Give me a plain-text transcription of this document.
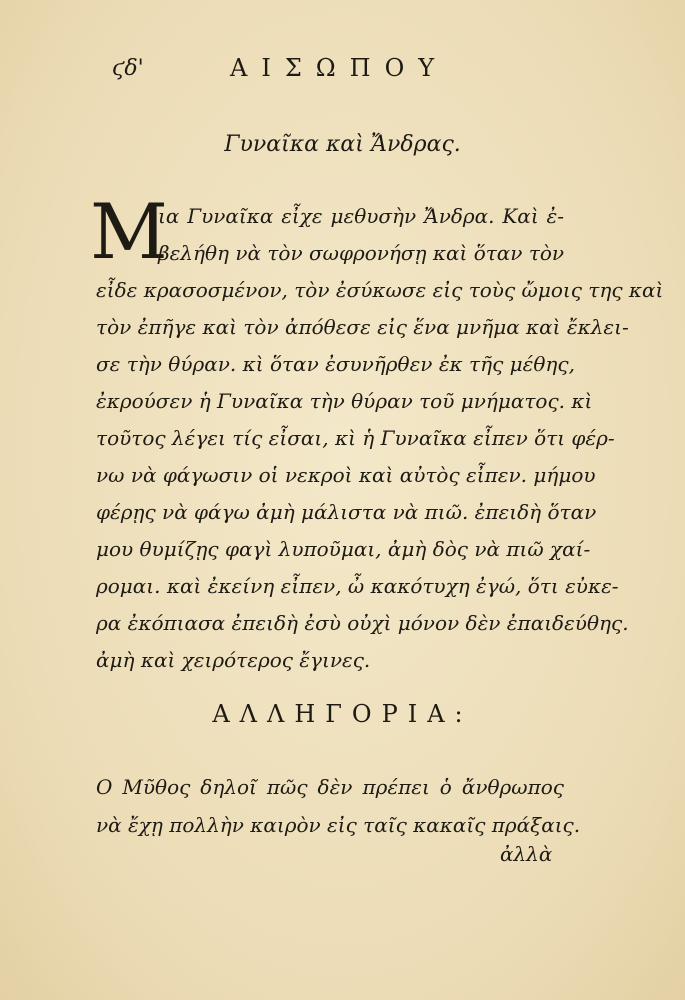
ϛδ'	ΑΙΣΩΠΟΥ
Γυναῖκα καὶ Ἄνδρας.
Μ
ια Γυναῖκα εἶχε μεθυσὴν Ἄνδρα. Καὶ ἐ-
βελήθη νὰ τὸν σωφρονήσῃ καὶ ὅταν τὸν
εἶδε κρασοσμένον, τὸν ἐσύκωσε εἰς τοὺς ὤμοις της καὶ
τὸν ἐπῆγε καὶ τὸν ἀπόθεσε εἰς ἕνα μνῆμα καὶ ἔκλει-
σε τὴν θύραν. κὶ ὅταν ἐσυνῆρθεν ἐκ τῆς μέθης,
ἐκρούσεν ἡ Γυναῖκα τὴν θύραν τοῦ μνήματος. κὶ
τοῦτος λέγει τίς εἶσαι, κὶ ἡ Γυναῖκα εἶπεν ὅτι φέρ-
νω νὰ φάγωσιν οἱ νεκροὶ καὶ αὐτὸς εἶπεν. μήμου
φέρῃς νὰ φάγω ἀμὴ μάλιστα νὰ πιῶ. ἐπειδὴ ὅταν
μου θυμίζῃς φαγὶ λυποῦμαι, ἀμὴ δὸς νὰ πιῶ χαί-
ρομαι. καὶ ἐκείνη εἶπεν, ὦ κακότυχη ἐγώ, ὅτι εὐκε-
ρα ἐκόπιασα ἐπειδὴ ἐσὺ οὐχὶ μόνον δὲν ἐπαιδεύθης.
ἀμὴ καὶ χειρότερος ἔγινες.
ΑΛΛΗΓΟΡΙΑ:
Ο Μῦθος δηλοῖ πῶς δὲν πρέπει ὁ ἄνθρωπος
νὰ ἔχῃ πολλὴν καιρὸν εἰς ταῖς κακαῖς πράξαις.
ἀλλὰ
